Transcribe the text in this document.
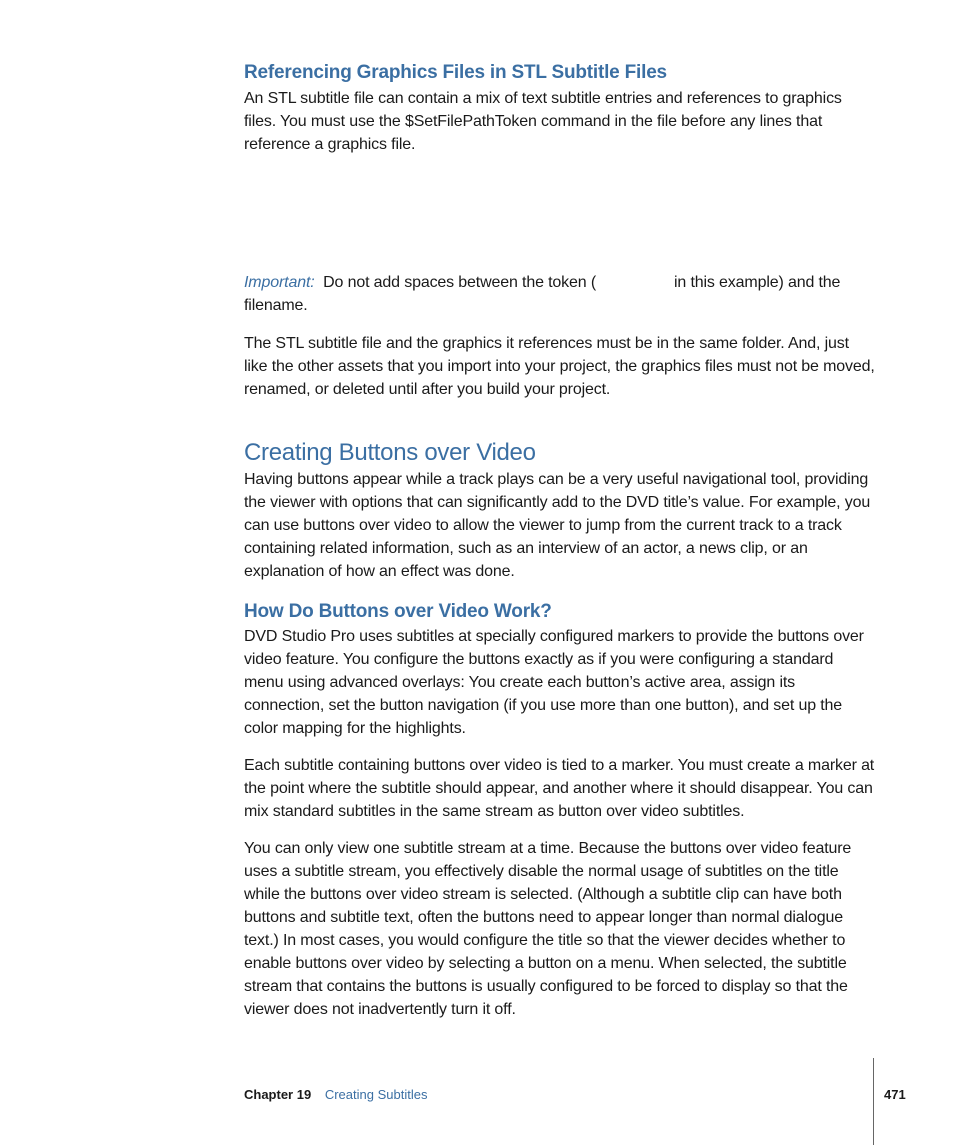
Referencing Graphics Files in STL Subtitle Files

An STL subtitle file can contain a mix of text subtitle entries and references to graphics files. You must use the $SetFilePathToken command in the file before any lines that reference a graphics file.

Important: Do not add spaces between the token (	in this example) and the filename.

The STL subtitle file and the graphics it references must be in the same folder. And, just like the other assets that you import into your project, the graphics files must not be moved, renamed, or deleted until after you build your project.

Creating Buttons over Video

Having buttons appear while a track plays can be a very useful navigational tool, providing the viewer with options that can significantly add to the DVD title’s value. For example, you can use buttons over video to allow the viewer to jump from the current track to a track containing related information, such as an interview of an actor, a news clip, or an explanation of how an effect was done.

How Do Buttons over Video Work?

DVD Studio Pro uses subtitles at specially configured markers to provide the buttons over video feature. You configure the buttons exactly as if you were configuring a standard menu using advanced overlays: You create each button’s active area, assign its connection, set the button navigation (if you use more than one button), and set up the color mapping for the highlights.

Each subtitle containing buttons over video is tied to a marker. You must create a marker at the point where the subtitle should appear, and another where it should disappear. You can mix standard subtitles in the same stream as button over video subtitles.

You can only view one subtitle stream at a time. Because the buttons over video feature uses a subtitle stream, you effectively disable the normal usage of subtitles on the title while the buttons over video stream is selected. (Although a subtitle clip can have both buttons and subtitle text, often the buttons need to appear longer than normal dialogue text.) In most cases, you would configure the title so that the viewer decides whether to enable buttons over video by selecting a button on a menu. When selected, the subtitle stream that contains the buttons is usually configured to be forced to display so that the viewer does not inadvertently turn it off.

Chapter 19 Creating Subtitles	471
